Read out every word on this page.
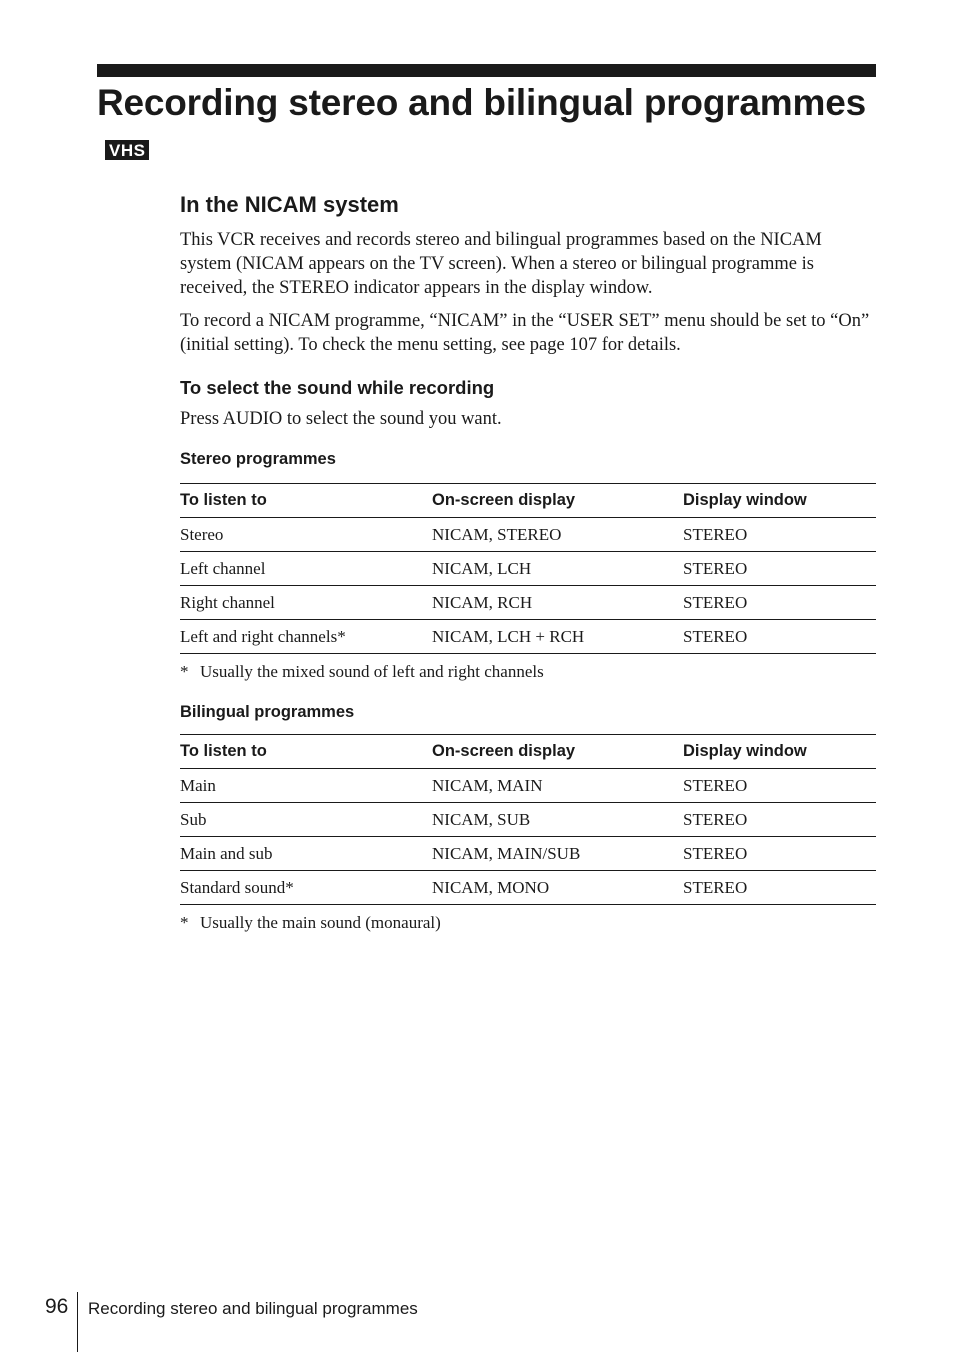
Recording stereo and bilingual programmesVHS
In the NICAM system

This VCR receives and records stereo and bilingual programmes based on the NICAM system (NICAM appears on the TV screen). When a stereo or bilingual programme is received, the STEREO indicator appears in the display window.

To record a NICAM programme, “NICAM” in the “USER SET” menu should be set to “On” (initial setting). To check the menu setting, see page 107 for details.

To select the sound while recording

Press AUDIO to select the sound you want.

Stereo programmes
To listen to	On-screen display	Display window
Stereo	NICAM, STEREO	STEREO
Left channel	NICAM, LCH	STEREO
Right channel	NICAM, RCH	STEREO
Left and right channels*	NICAM, LCH + RCH	STEREO
* Usually the mixed sound of left and right channels
Bilingual programmes
To listen to	On-screen display	Display window
Main	NICAM, MAIN	STEREO
Sub	NICAM, SUB	STEREO
Main and sub	NICAM, MAIN/SUB	STEREO
Standard sound*	NICAM, MONO	STEREO
* Usually the main sound (monaural)
96 Recording stereo and bilingual programmes
